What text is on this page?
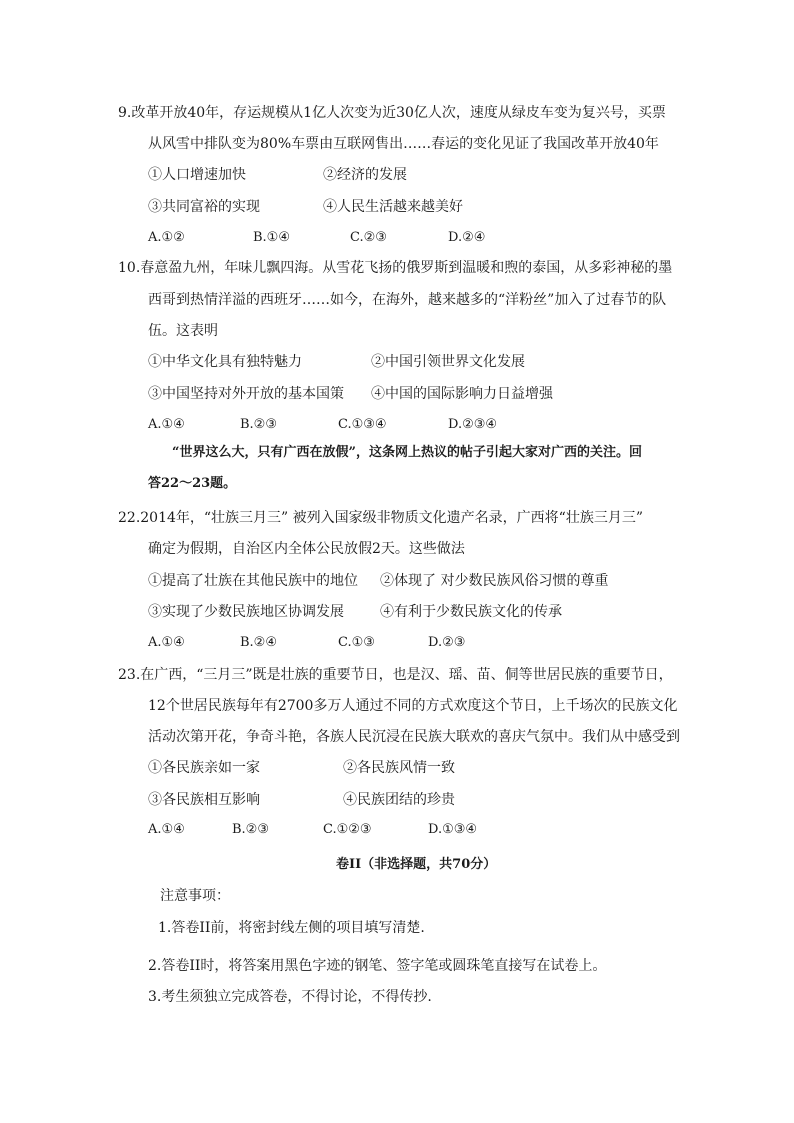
9.改革开放40年，存运规模从1亿人次变为近30亿人次，速度从绿皮车变为复兴号，买票
从风雪中排队变为80%车票由互联网售出……春运的变化见证了我国改革开放40年
①人口增速加快	②经济的发展
③共同富裕的实现	④人民生活越来越美好
A.①②	B.①④	C.②③	D.②④
10.春意盈九州，年味儿飘四海。从雪花飞扬的俄罗斯到温暖和煦的泰国，从多彩神秘的墨
西哥到热情洋溢的西班牙……如今，在海外，越来越多的“洋粉丝”加入了过春节的队
伍。这表明
①中华文化具有独特魅力	②中国引领世界文化发展
③中国坚持对外开放的基本国策 ④中国的国际影响力日益增强
A.①④	B.②③	C.①③④	D.②③④
“世界这么大，只有广西在放假”，这条网上热议的帖子引起大家对广西的关注。回
答22～23题。
22.2014年，“壮族三月三” 被列入国家级非物质文化遗产名录，广西将“壮族三月三”
确定为假期，自治区内全体公民放假2天。这些做法
①提高了壮族在其他民族中的地位 ②体现了 对少数民族风俗习惯的尊重
③实现了少数民族地区协调发展	④有利于少数民族文化的传承
A.①④	B.②④	C.①③	D.②③
23.在广西，“三月三”既是壮族的重要节日，也是汉、瑶、苗、侗等世居民族的重要节日，
12个世居民族每年有2700多万人通过不同的方式欢度这个节日，上千场次的民族文化
活动次第开花，争奇斗艳，各族人民沉浸在民族大联欢的喜庆气氛中。我们从中感受到
①各民族亲如一家	②各民族风情一致
③各民族相互影响	④民族团结的珍贵
A.①④	B.②③	C.①②③	D.①③④
卷II（非选择题，共70分）
注意事项：
1.答卷II前，将密封线左侧的项目填写清楚.
2.答卷II时，将答案用黑色字迹的钢笔、签字笔或圆珠笔直接写在试卷上。
3.考生须独立完成答卷，不得讨论，不得传抄.
